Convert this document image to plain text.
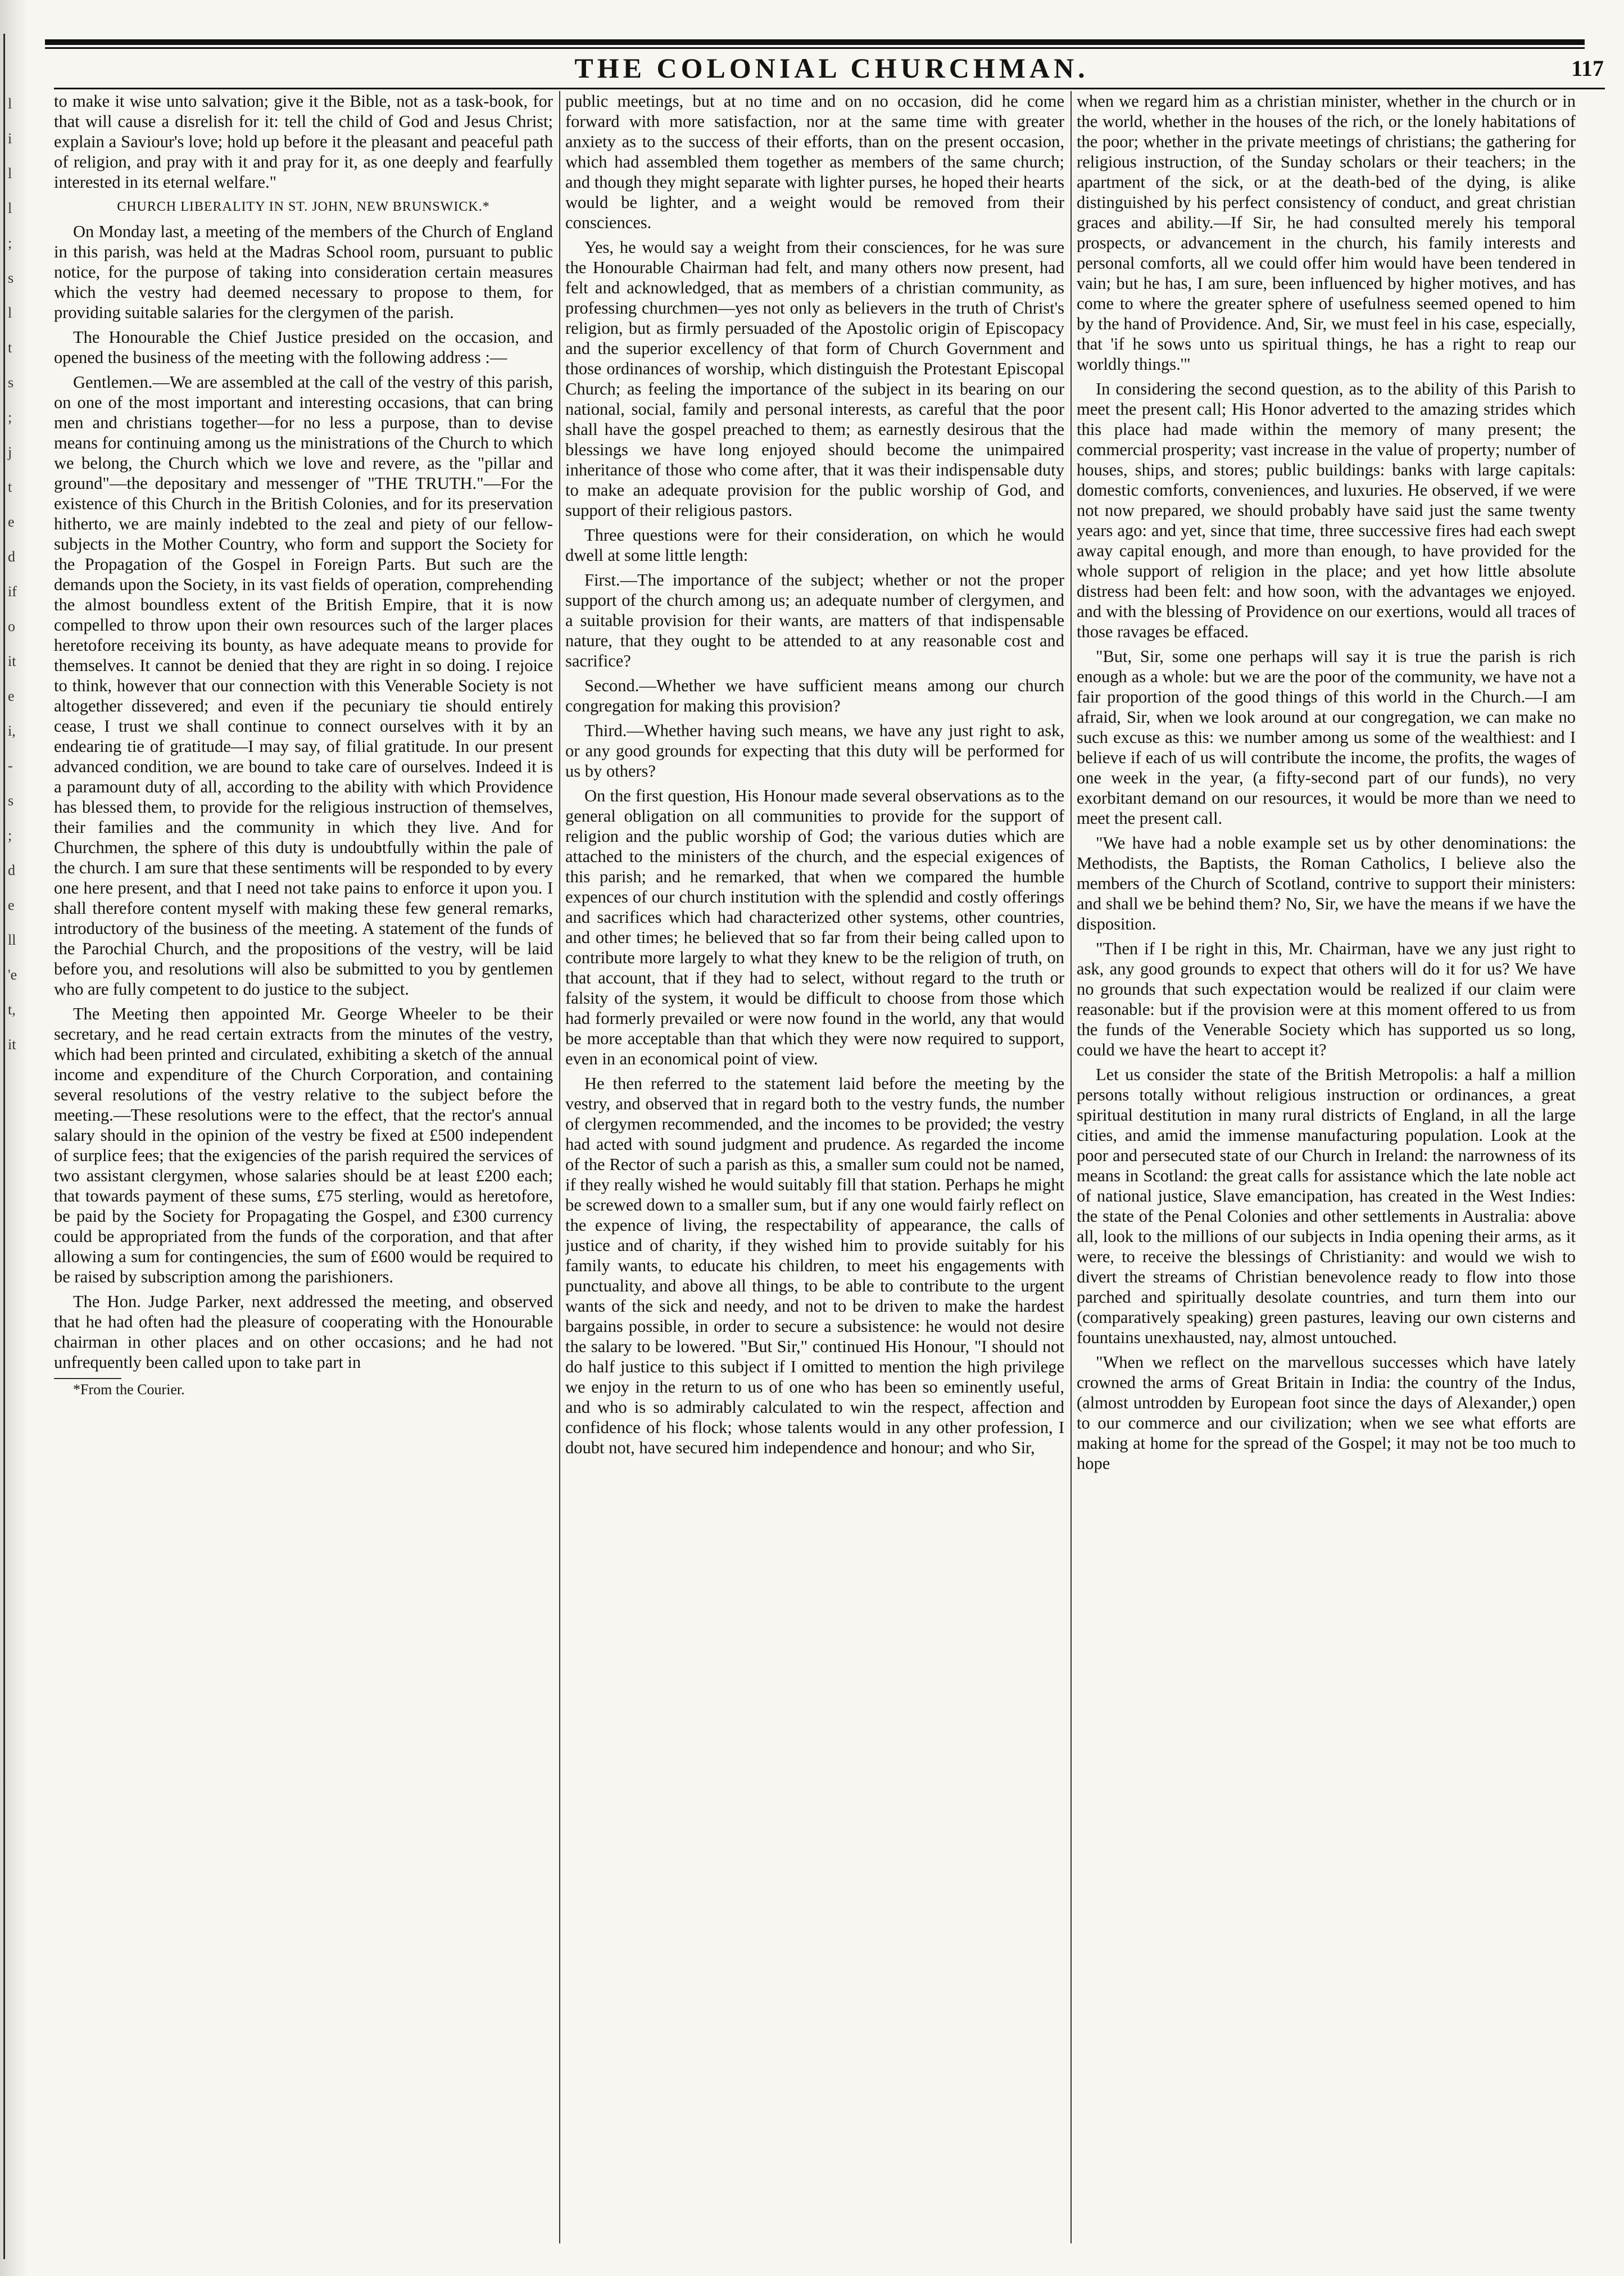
l
i
l
l
;
s
l
t
s
;
j
t
e
d
if
o
it
e
i,
-
s
;
d
e
ll
'e
t,
it
THE COLONIAL CHURCHMAN.	117

to make it wise unto salvation; give it the Bible, not as a task-book, for that will cause a disrelish for it: tell the child of God and Jesus Christ; explain a Saviour's love; hold up before it the pleasant and peaceful path of religion, and pray with it and pray for it, as one deeply and fearfully interested in its eternal welfare."

CHURCH LIBERALITY IN ST. JOHN, NEW BRUNSWICK.*

On Monday last, a meeting of the members of the Church of England in this parish, was held at the Madras School room, pursuant to public notice, for the purpose of taking into consideration certain measures which the vestry had deemed necessary to propose to them, for providing suitable salaries for the clergymen of the parish.

The Honourable the Chief Justice presided on the occasion, and opened the business of the meeting with the following address :—

Gentlemen.—We are assembled at the call of the vestry of this parish, on one of the most important and interesting occasions, that can bring men and christians together—for no less a purpose, than to devise means for continuing among us the ministrations of the Church to which we belong, the Church which we love and revere, as the "pillar and ground"—the depositary and messenger of "THE TRUTH."—For the existence of this Church in the British Colonies, and for its preservation hitherto, we are mainly indebted to the zeal and piety of our fellow-subjects in the Mother Country, who form and support the Society for the Propagation of the Gospel in Foreign Parts. But such are the demands upon the Society, in its vast fields of operation, comprehending the almost boundless extent of the British Empire, that it is now compelled to throw upon their own resources such of the larger places heretofore receiving its bounty, as have adequate means to provide for themselves. It cannot be denied that they are right in so doing. I rejoice to think, however that our connection with this Venerable Society is not altogether dissevered; and even if the pecuniary tie should entirely cease, I trust we shall continue to connect ourselves with it by an endearing tie of gratitude—I may say, of filial gratitude. In our present advanced condition, we are bound to take care of ourselves. Indeed it is a paramount duty of all, according to the ability with which Providence has blessed them, to provide for the religious instruction of themselves, their families and the community in which they live. And for Churchmen, the sphere of this duty is undoubtfully within the pale of the church. I am sure that these sentiments will be responded to by every one here present, and that I need not take pains to enforce it upon you. I shall therefore content myself with making these few general remarks, introductory of the business of the meeting. A statement of the funds of the Parochial Church, and the propositions of the vestry, will be laid before you, and resolutions will also be submitted to you by gentlemen who are fully competent to do justice to the subject.

The Meeting then appointed Mr. George Wheeler to be their secretary, and he read certain extracts from the minutes of the vestry, which had been printed and circulated, exhibiting a sketch of the annual income and expenditure of the Church Corporation, and containing several resolutions of the vestry relative to the subject before the meeting.—These resolutions were to the effect, that the rector's annual salary should in the opinion of the vestry be fixed at £500 independent of surplice fees; that the exigencies of the parish required the services of two assistant clergymen, whose salaries should be at least £200 each; that towards payment of these sums, £75 sterling, would as heretofore, be paid by the Society for Propagating the Gospel, and £300 currency could be appropriated from the funds of the corporation, and that after allowing a sum for contingencies, the sum of £600 would be required to be raised by subscription among the parishioners.

The Hon. Judge Parker, next addressed the meeting, and observed that he had often had the pleasure of cooperating with the Honourable chairman in other places and on other occasions; and he had not unfrequently been called upon to take part in

*From the Courier.

public meetings, but at no time and on no occasion, did he come forward with more satisfaction, nor at the same time with greater anxiety as to the success of their efforts, than on the present occasion, which had assembled them together as members of the same church; and though they might separate with lighter purses, he hoped their hearts would be lighter, and a weight would be removed from their consciences.

Yes, he would say a weight from their consciences, for he was sure the Honourable Chairman had felt, and many others now present, had felt and acknowledged, that as members of a christian community, as professing churchmen—yes not only as believers in the truth of Christ's religion, but as firmly persuaded of the Apostolic origin of Episcopacy and the superior excellency of that form of Church Government and those ordinances of worship, which distinguish the Protestant Episcopal Church; as feeling the importance of the subject in its bearing on our national, social, family and personal interests, as careful that the poor shall have the gospel preached to them; as earnestly desirous that the blessings we have long enjoyed should become the unimpaired inheritance of those who come after, that it was their indispensable duty to make an adequate provision for the public worship of God, and support of their religious pastors.

Three questions were for their consideration, on which he would dwell at some little length:

First.—The importance of the subject; whether or not the proper support of the church among us; an adequate number of clergymen, and a suitable provision for their wants, are matters of that indispensable nature, that they ought to be attended to at any reasonable cost and sacrifice?

Second.—Whether we have sufficient means among our church congregation for making this provision?

Third.—Whether having such means, we have any just right to ask, or any good grounds for expecting that this duty will be performed for us by others?

On the first question, His Honour made several observations as to the general obligation on all communities to provide for the support of religion and the public worship of God; the various duties which are attached to the ministers of the church, and the especial exigences of this parish; and he remarked, that when we compared the humble expences of our church institution with the splendid and costly offerings and sacrifices which had characterized other systems, other countries, and other times; he believed that so far from their being called upon to contribute more largely to what they knew to be the religion of truth, on that account, that if they had to select, without regard to the truth or falsity of the system, it would be difficult to choose from those which had formerly prevailed or were now found in the world, any that would be more acceptable than that which they were now required to support, even in an economical point of view.

He then referred to the statement laid before the meeting by the vestry, and observed that in regard both to the vestry funds, the number of clergymen recommended, and the incomes to be provided; the vestry had acted with sound judgment and prudence. As regarded the income of the Rector of such a parish as this, a smaller sum could not be named, if they really wished he would suitably fill that station. Perhaps he might be screwed down to a smaller sum, but if any one would fairly reflect on the expence of living, the respectability of appearance, the calls of justice and of charity, if they wished him to provide suitably for his family wants, to educate his children, to meet his engagements with punctuality, and above all things, to be able to contribute to the urgent wants of the sick and needy, and not to be driven to make the hardest bargains possible, in order to secure a subsistence: he would not desire the salary to be lowered. "But Sir," continued His Honour, "I should not do half justice to this subject if I omitted to mention the high privilege we enjoy in the return to us of one who has been so eminently useful, and who is so admirably calculated to win the respect, affection and confidence of his flock; whose talents would in any other profession, I doubt not, have secured him independence and honour; and who Sir,

when we regard him as a christian minister, whether in the church or in the world, whether in the houses of the rich, or the lonely habitations of the poor; whether in the private meetings of christians; the gathering for religious instruction, of the Sunday scholars or their teachers; in the apartment of the sick, or at the death-bed of the dying, is alike distinguished by his perfect consistency of conduct, and great christian graces and ability.—If Sir, he had consulted merely his temporal prospects, or advancement in the church, his family interests and personal comforts, all we could offer him would have been tendered in vain; but he has, I am sure, been influenced by higher motives, and has come to where the greater sphere of usefulness seemed opened to him by the hand of Providence. And, Sir, we must feel in his case, especially, that 'if he sows unto us spiritual things, he has a right to reap our worldly things.'"

In considering the second question, as to the ability of this Parish to meet the present call; His Honor adverted to the amazing strides which this place had made within the memory of many present; the commercial prosperity; vast increase in the value of property; number of houses, ships, and stores; public buildings: banks with large capitals: domestic comforts, conveniences, and luxuries. He observed, if we were not now prepared, we should probably have said just the same twenty years ago: and yet, since that time, three successive fires had each swept away capital enough, and more than enough, to have provided for the whole support of religion in the place; and yet how little absolute distress had been felt: and how soon, with the advantages we enjoyed. and with the blessing of Providence on our exertions, would all traces of those ravages be effaced.

"But, Sir, some one perhaps will say it is true the parish is rich enough as a whole: but we are the poor of the community, we have not a fair proportion of the good things of this world in the Church.—I am afraid, Sir, when we look around at our congregation, we can make no such excuse as this: we number among us some of the wealthiest: and I believe if each of us will contribute the income, the profits, the wages of one week in the year, (a fifty-second part of our funds), no very exorbitant demand on our resources, it would be more than we need to meet the present call.

"We have had a noble example set us by other denominations: the Methodists, the Baptists, the Roman Catholics, I believe also the members of the Church of Scotland, contrive to support their ministers: and shall we be behind them? No, Sir, we have the means if we have the disposition.

"Then if I be right in this, Mr. Chairman, have we any just right to ask, any good grounds to expect that others will do it for us? We have no grounds that such expectation would be realized if our claim were reasonable: but if the provision were at this moment offered to us from the funds of the Venerable Society which has supported us so long, could we have the heart to accept it?

Let us consider the state of the British Metropolis: a half a million persons totally without religious instruction or ordinances, a great spiritual destitution in many rural districts of England, in all the large cities, and amid the immense manufacturing population. Look at the poor and persecuted state of our Church in Ireland: the narrowness of its means in Scotland: the great calls for assistance which the late noble act of national justice, Slave emancipation, has created in the West Indies: the state of the Penal Colonies and other settlements in Australia: above all, look to the millions of our subjects in India opening their arms, as it were, to receive the blessings of Christianity: and would we wish to divert the streams of Christian benevolence ready to flow into those parched and spiritually desolate countries, and turn them into our (comparatively speaking) green pastures, leaving our own cisterns and fountains unexhausted, nay, almost untouched.

"When we reflect on the marvellous successes which have lately crowned the arms of Great Britain in India: the country of the Indus, (almost untrodden by European foot since the days of Alexander,) open to our commerce and our civilization; when we see what efforts are making at home for the spread of the Gospel; it may not be too much to hope
